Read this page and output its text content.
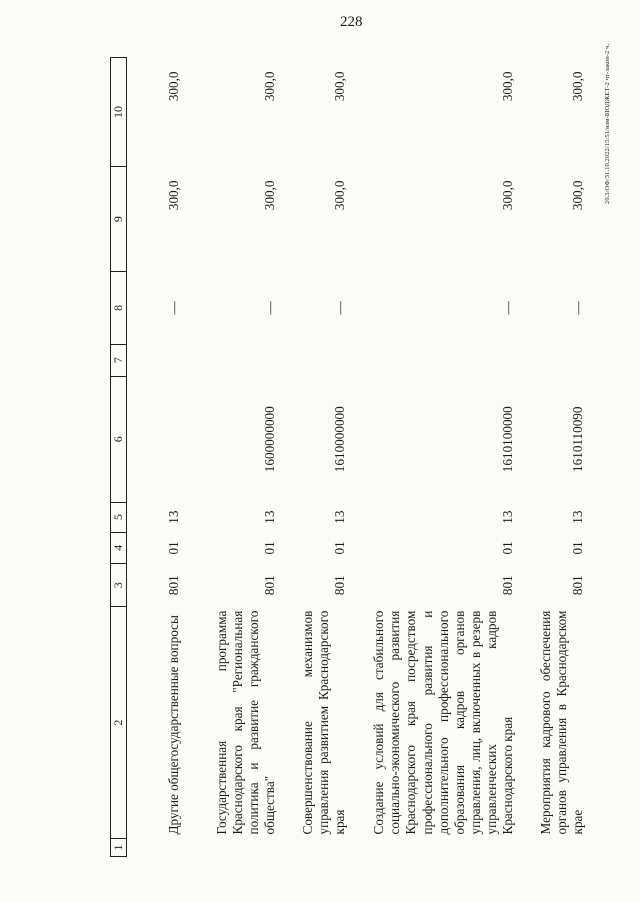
228
20.3/ОФ/31.10.2022/15:51/изм-БЮДЖЕТ-2 чт-закон-2 ч.
1	2	3	4	5	6	7	8	9	10
	Другие общегосударственные вопросы	801	01	13			—	300,0	300,0
	Государственная программа Краснодарского края "Региональная политика и развитие гражданского общества"	801	01	13	1600000000		—	300,0	300,0
	Совершенствование механизмов управления развитием Краснодарского края	801	01	13	1610000000		—	300,0	300,0
	Создание условий для стабильного социально-экономического развития Краснодарского края посредством профессионального развития и дополнительного профессионального образования кадров органов управления, лиц, включенных в резерв управленческих кадров Краснодарского края	801	01	13	1610100000		—	300,0	300,0
	Мероприятия кадрового обеспечения органов управления в Краснодарском крае	801	01	13	1610110090		—	300,0	300,0
